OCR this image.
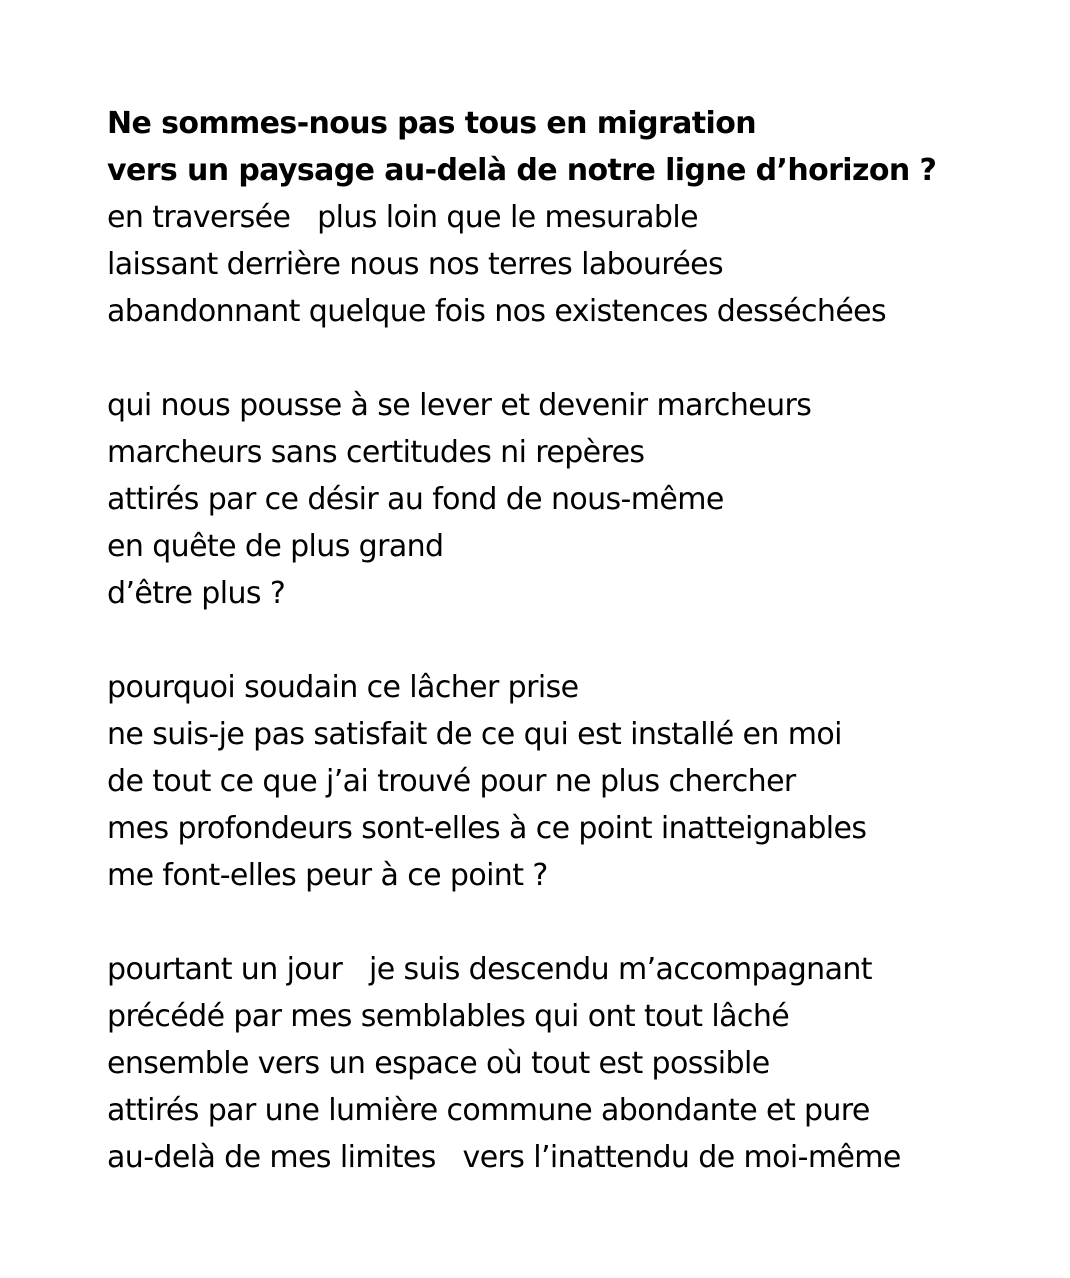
Ne sommes-nous pas tous en migration
vers un paysage au-delà de notre ligne d’horizon ?
en traversée   plus loin que le mesurable
laissant derrière nous nos terres labourées
abandonnant quelque fois nos existences desséchées
qui nous pousse à se lever et devenir marcheurs
marcheurs sans certitudes ni repères
attirés par ce désir au fond de nous-même
en quête de plus grand
d’être plus ?
pourquoi soudain ce lâcher prise
ne suis-je pas satisfait de ce qui est installé en moi
de tout ce que j’ai trouvé pour ne plus chercher
mes profondeurs sont-elles à ce point inatteignables
me font-elles peur à ce point ?
pourtant un jour   je suis descendu m’accompagnant
précédé par mes semblables qui ont tout lâché
ensemble vers un espace où tout est possible
attirés par une lumière commune abondante et pure
au-delà de mes limites   vers l’inattendu de moi-même
